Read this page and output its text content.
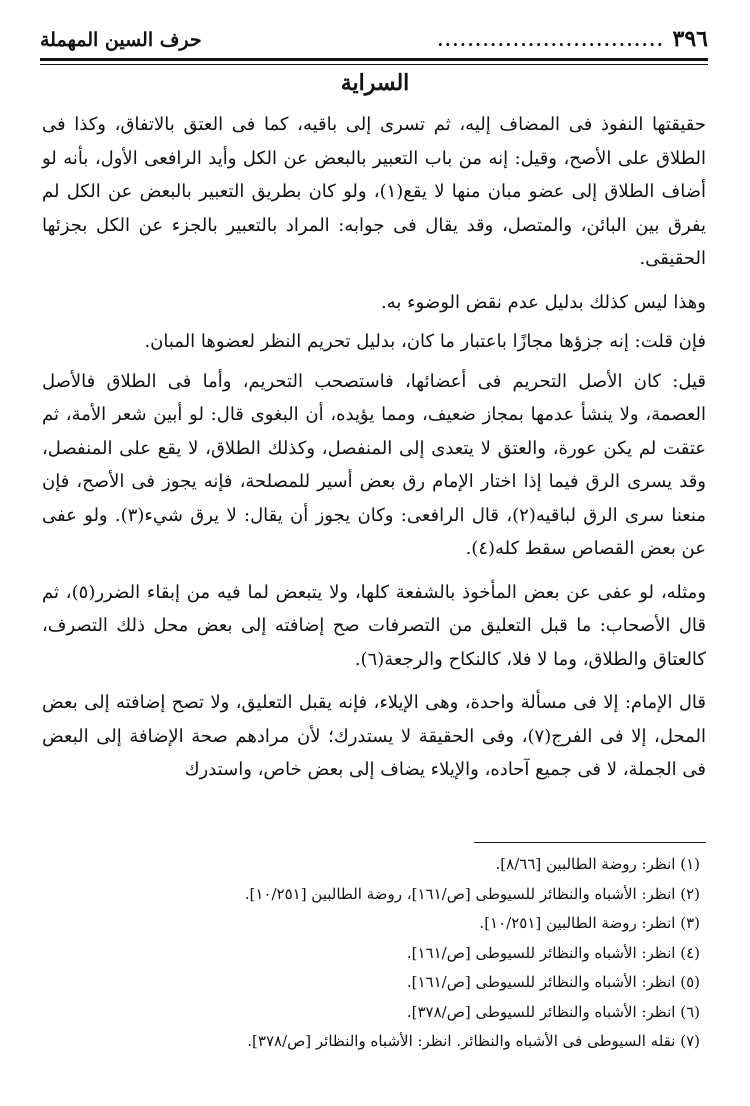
٣٩٦
..............................
حرف السين المهملة
السراية

حقيقتها النفوذ فى المضاف إليه، ثم تسرى إلى باقيه، كما فى العتق بالاتفاق، وكذا فى الطلاق على الأصح، وقيل: إنه من باب التعبير بالبعض عن الكل وأيد الرافعى الأول، بأنه لو أضاف الطلاق إلى عضو مبان منها لا يقع(١)، ولو كان بطريق التعبير بالبعض عن الكل لم يفرق بين البائن، والمتصل، وقد يقال فى جوابه: المراد بالتعبير بالجزء عن الكل بجزئها الحقيقى.

وهذا ليس كذلك بدليل عدم نقض الوضوء به.

فإن قلت: إنه جزؤها مجازًا باعتبار ما كان، بدليل تحريم النظر لعضوها المبان.

قيل: كان الأصل التحريم فى أعضائها، فاستصحب التحريم، وأما فى الطلاق فالأصل العصمة، ولا ينشأ عدمها بمجاز ضعيف، ومما يؤيده، أن البغوى قال: لو أبين شعر الأمة، ثم عتقت لم يكن عورة، والعتق لا يتعدى إلى المنفصل، وكذلك الطلاق، لا يقع على المنفصل، وقد يسرى الرق فيما إذا اختار الإمام رق بعض أسير للمصلحة، فإنه يجوز فى الأصح، فإن منعنا سرى الرق لباقيه(٢)، قال الرافعى: وكان يجوز أن يقال: لا يرق شيء(٣). ولو عفى عن بعض القصاص سقط كله(٤).

ومثله، لو عفى عن بعض المأخوذ بالشفعة كلها، ولا يتبعض لما فيه من إبقاء الضرر(٥)، ثم قال الأصحاب: ما قبل التعليق من التصرفات صح إضافته إلى بعض محل ذلك التصرف، كالعتاق والطلاق، وما لا فلا، كالنكاح والرجعة(٦).

قال الإمام: إلا فى مسألة واحدة، وهى الإيلاء، فإنه يقبل التعليق، ولا تصح إضافته إلى بعض المحل، إلا فى الفرج(٧)، وفى الحقيقة لا يستدرك؛ لأن مرادهم صحة الإضافة إلى البعض فى الجملة، لا فى جميع آحاده، والإيلاء يضاف إلى بعض خاص، واستدرك

(١) انظر: روضة الطالبين [٨/٦٦].
(٢) انظر: الأشباه والنظائر للسيوطى [ص/١٦١]، روضة الطالبين [١٠/٢٥١].
(٣) انظر: روضة الطالبين [١٠/٢٥١].
(٤) انظر: الأشباه والنظائر للسيوطى [ص/١٦١].
(٥) انظر: الأشباه والنظائر للسيوطى [ص/١٦١].
(٦) انظر: الأشباه والنظائر للسيوطى [ص/٣٧٨].
(٧) نقله السيوطى فى الأشباه والنظائر. انظر: الأشباه والنظائر [ص/٣٧٨].
